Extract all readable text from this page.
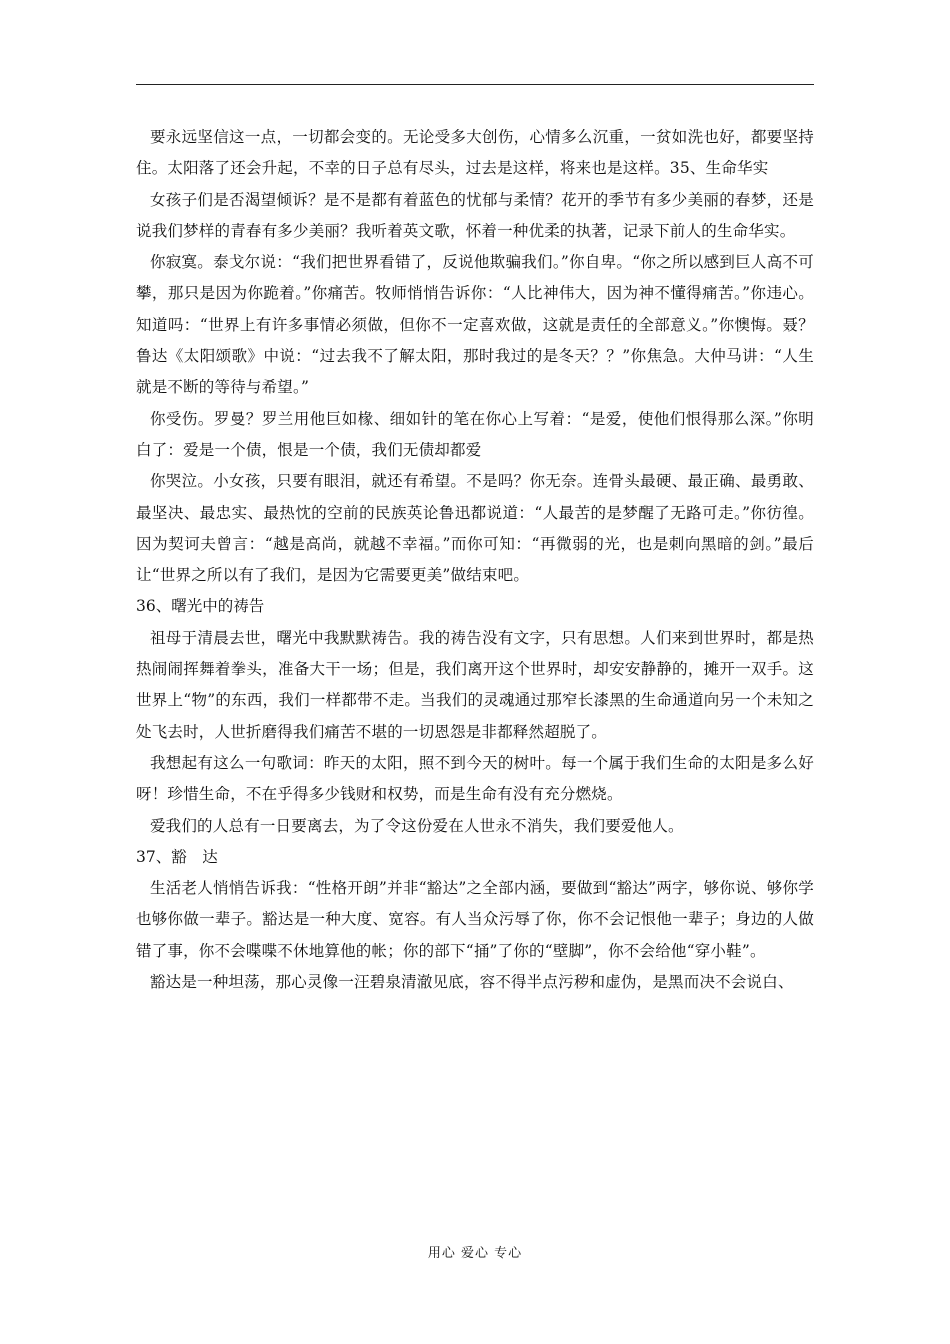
要永远坚信这一点，一切都会变的。无论受多大创伤，心情多么沉重，一贫如洗也好，都要坚持住。太阳落了还会升起，不幸的日子总有尽头，过去是这样，将来也是这样。35、生命华实

女孩子们是否渴望倾诉？是不是都有着蓝色的忧郁与柔情？花开的季节有多少美丽的春梦，还是说我们梦样的青春有多少美丽？我听着英文歌，怀着一种优柔的执著，记录下前人的生命华实。

你寂寞。泰戈尔说：“我们把世界看错了，反说他欺骗我们。”你自卑。“你之所以感到巨人高不可攀，那只是因为你跪着。”你痛苦。牧师悄悄告诉你：“人比神伟大，因为神不懂得痛苦。”你违心。知道吗：“世界上有许多事情必须做，但你不一定喜欢做，这就是责任的全部意义。”你懊悔。聂？鲁达《太阳颂歌》中说：“过去我不了解太阳，那时我过的是冬天？？”你焦急。大仲马讲：“人生就是不断的等待与希望。”

你受伤。罗曼？罗兰用他巨如椽、细如针的笔在你心上写着：“是爱，使他们恨得那么深。”你明白了：爱是一个债，恨是一个债，我们无债却都爱

你哭泣。小女孩，只要有眼泪，就还有希望。不是吗？你无奈。连骨头最硬、最正确、最勇敢、最坚决、最忠实、最热忱的空前的民族英论鲁迅都说道：“人最苦的是梦醒了无路可走。”你彷徨。因为契诃夫曾言：“越是高尚，就越不幸福。”而你可知：“再微弱的光，也是刺向黑暗的剑。”最后让“世界之所以有了我们，是因为它需要更美”做结束吧。

36、曙光中的祷告

祖母于清晨去世，曙光中我默默祷告。我的祷告没有文字，只有思想。人们来到世界时，都是热热闹闹挥舞着拳头，准备大干一场；但是，我们离开这个世界时，却安安静静的，摊开一双手。这世界上“物”的东西，我们一样都带不走。当我们的灵魂通过那窄长漆黑的生命通道向另一个未知之处飞去时，人世折磨得我们痛苦不堪的一切恩怨是非都释然超脱了。

我想起有这么一句歌词：昨天的太阳，照不到今天的树叶。每一个属于我们生命的太阳是多么好呀！珍惜生命，不在乎得多少钱财和权势，而是生命有没有充分燃烧。

爱我们的人总有一日要离去，为了令这份爱在人世永不消失，我们要爱他人。

37、豁　达

生活老人悄悄告诉我：“性格开朗”并非“豁达”之全部内涵，要做到“豁达”两字，够你说、够你学也够你做一辈子。豁达是一种大度、宽容。有人当众污辱了你，你不会记恨他一辈子；身边的人做错了事，你不会喋喋不休地算他的帐；你的部下“捅”了你的“壁脚”，你不会给他“穿小鞋”。

豁达是一种坦荡，那心灵像一汪碧泉清澈见底，容不得半点污秽和虚伪，是黑而决不会说白、

用心 爱心 专心
